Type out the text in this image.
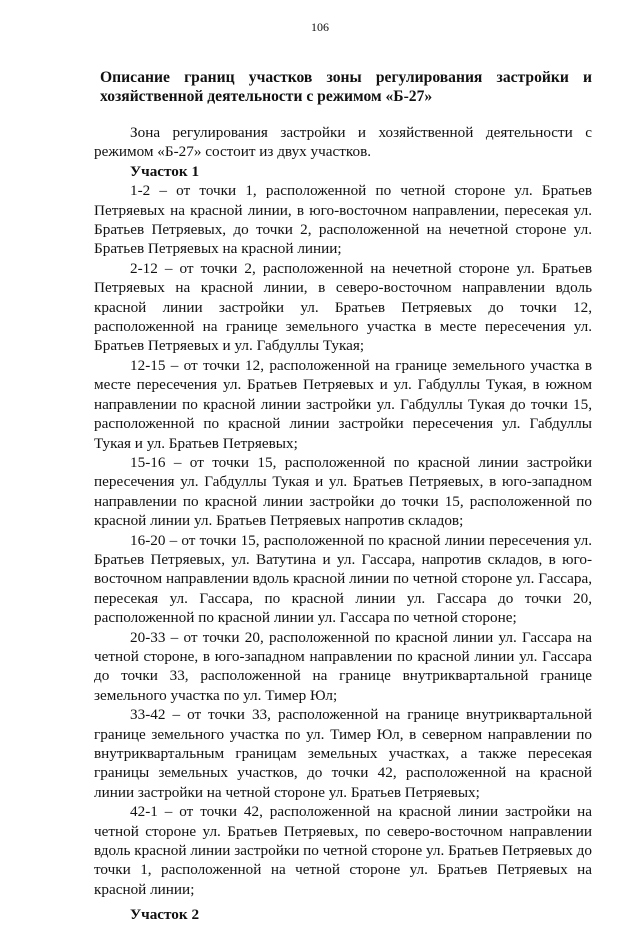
106
Описание границ участков зоны регулирования застройки и хозяйственной деятельности с режимом «Б-27»

Зона регулирования застройки и хозяйственной деятельности с режимом «Б-27» состоит из двух участков.

Участок 1

1-2 – от точки 1, расположенной по четной стороне ул. Братьев Петряевых на красной линии, в юго-восточном направлении, пересекая ул. Братьев Петряевых, до точки 2, расположенной на нечетной стороне ул. Братьев Петряевых на красной линии;

2-12 – от точки 2, расположенной на нечетной стороне ул. Братьев Петряевых на красной линии, в северо-восточном направлении вдоль красной линии застройки ул. Братьев Петряевых до точки 12, расположенной на границе земельного участка в месте пересечения ул. Братьев Петряевых и ул. Габдуллы Тукая;

12-15 – от точки 12, расположенной на границе земельного участка в месте пересечения ул. Братьев Петряевых и ул. Габдуллы Тукая, в южном направлении по красной линии застройки ул. Габдуллы Тукая до точки 15, расположенной по красной линии застройки пересечения ул. Габдуллы Тукая и ул. Братьев Петряевых;

15-16 – от точки 15, расположенной по красной линии застройки пересечения ул. Габдуллы Тукая и ул. Братьев Петряевых, в юго-западном направлении по красной линии застройки до точки 15, расположенной по красной линии ул. Братьев Петряевых напротив складов;

16-20 – от точки 15, расположенной по красной линии пересечения ул. Братьев Петряевых, ул. Ватутина и ул. Гассара, напротив складов, в юго-восточном направлении вдоль красной линии по четной стороне ул. Гассара, пересекая ул. Гассара, по красной линии ул. Гассара до точки 20, расположенной по красной линии ул. Гассара по четной стороне;

20-33 – от точки 20, расположенной по красной линии ул. Гассара на четной стороне, в юго-западном направлении по красной линии ул. Гассара до точки 33, расположенной на границе внутриквартальной границе земельного участка по ул. Тимер Юл;

33-42 – от точки 33, расположенной на границе внутриквартальной границе земельного участка по ул. Тимер Юл, в северном направлении по внутриквартальным границам земельных участках, а также пересекая границы земельных участков, до точки 42, расположенной на красной линии застройки на четной стороне ул. Братьев Петряевых;

42-1 – от точки 42, расположенной на красной линии застройки на четной стороне ул. Братьев Петряевых, по северо-восточном направлении вдоль красной линии застройки по четной стороне ул. Братьев Петряевых до точки 1, расположенной на четной стороне ул. Братьев Петряевых на красной линии;

Участок 2
